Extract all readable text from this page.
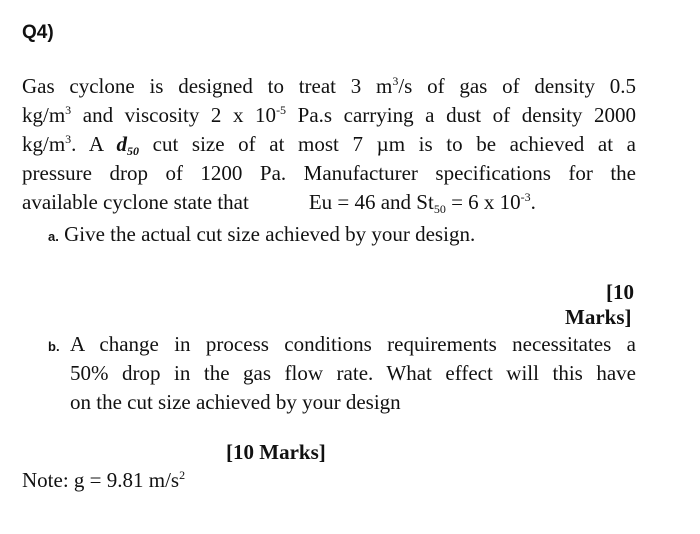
Q4)
Gas cyclone is designed to treat 3 $m^3/s$ of gas of density 0.5
$kg/m^3$ and viscosity 2 x $10^{-5}$ Pa.s carrying a dust of density 2000
$kg/m^3$. A $d_{50}$ cut size of at most 7 µm is to be achieved at a
pressure drop of 1200 Pa. Manufacturer specifications for the
available cyclone state that	Eu = 46 and $St_{50} = 6$ x $10^{-3}$.
a. Give the actual cut size achieved by your design.
[10
Marks]
b. A change in process conditions requirements necessitates a
50% drop in the gas flow rate. What effect will this have
on the cut size achieved by your design
[10 Marks]
Note: g = 9.81 $m/s^2$
